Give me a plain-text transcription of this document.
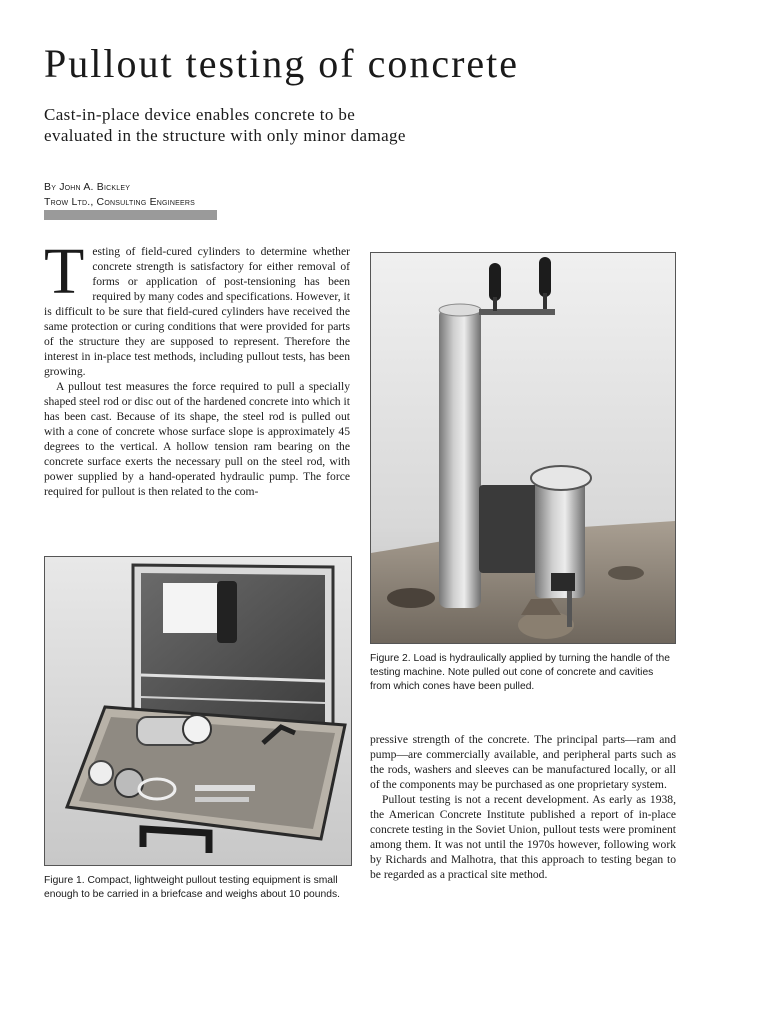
Pullout testing of concrete
Cast-in-place device enables concrete to be
evaluated in the structure with only minor damage
By John A. Bickley
Trow Ltd., Consulting Engineers

T esting of field-cured cylinders to determine whether concrete strength is satisfactory for either removal of forms or application of post-tensioning has been required by many codes and specifications. However, it is difficult to be sure that field-cured cylinders have received the same protection or curing conditions that were provided for parts of the structure they are supposed to represent. Therefore the interest in in-place test methods, including pullout tests, has been growing.

A pullout test measures the force required to pull a specially shaped steel rod or disc out of the hardened concrete into which it has been cast. Because of its shape, the steel rod is pulled out with a cone of concrete whose surface slope is approximately 45 degrees to the vertical. A hollow tension ram bearing on the concrete surface exerts the necessary pull on the steel rod, with power supplied by a hand-operated hydraulic pump. The force required for pullout is then related to the com-

Figure 2. Load is hydraulically applied by turning the handle of the testing machine. Note pulled out cone of concrete and cavities from which cones have been pulled.

pressive strength of the concrete. The principal parts—ram and pump—are commercially available, and peripheral parts such as the rods, washers and sleeves can be manufactured locally, or all of the components may be purchased as one proprietary system.

Pullout testing is not a recent development. As early as 1938, the American Concrete Institute published a report of in-place concrete testing in the Soviet Union, pullout tests were prominent among them. It was not until the 1970s however, following work by Richards and Malhotra, that this approach to testing began to be regarded as a practical site method.

Figure 1. Compact, lightweight pullout testing equipment is small enough to be carried in a briefcase and weighs about 10 pounds.
